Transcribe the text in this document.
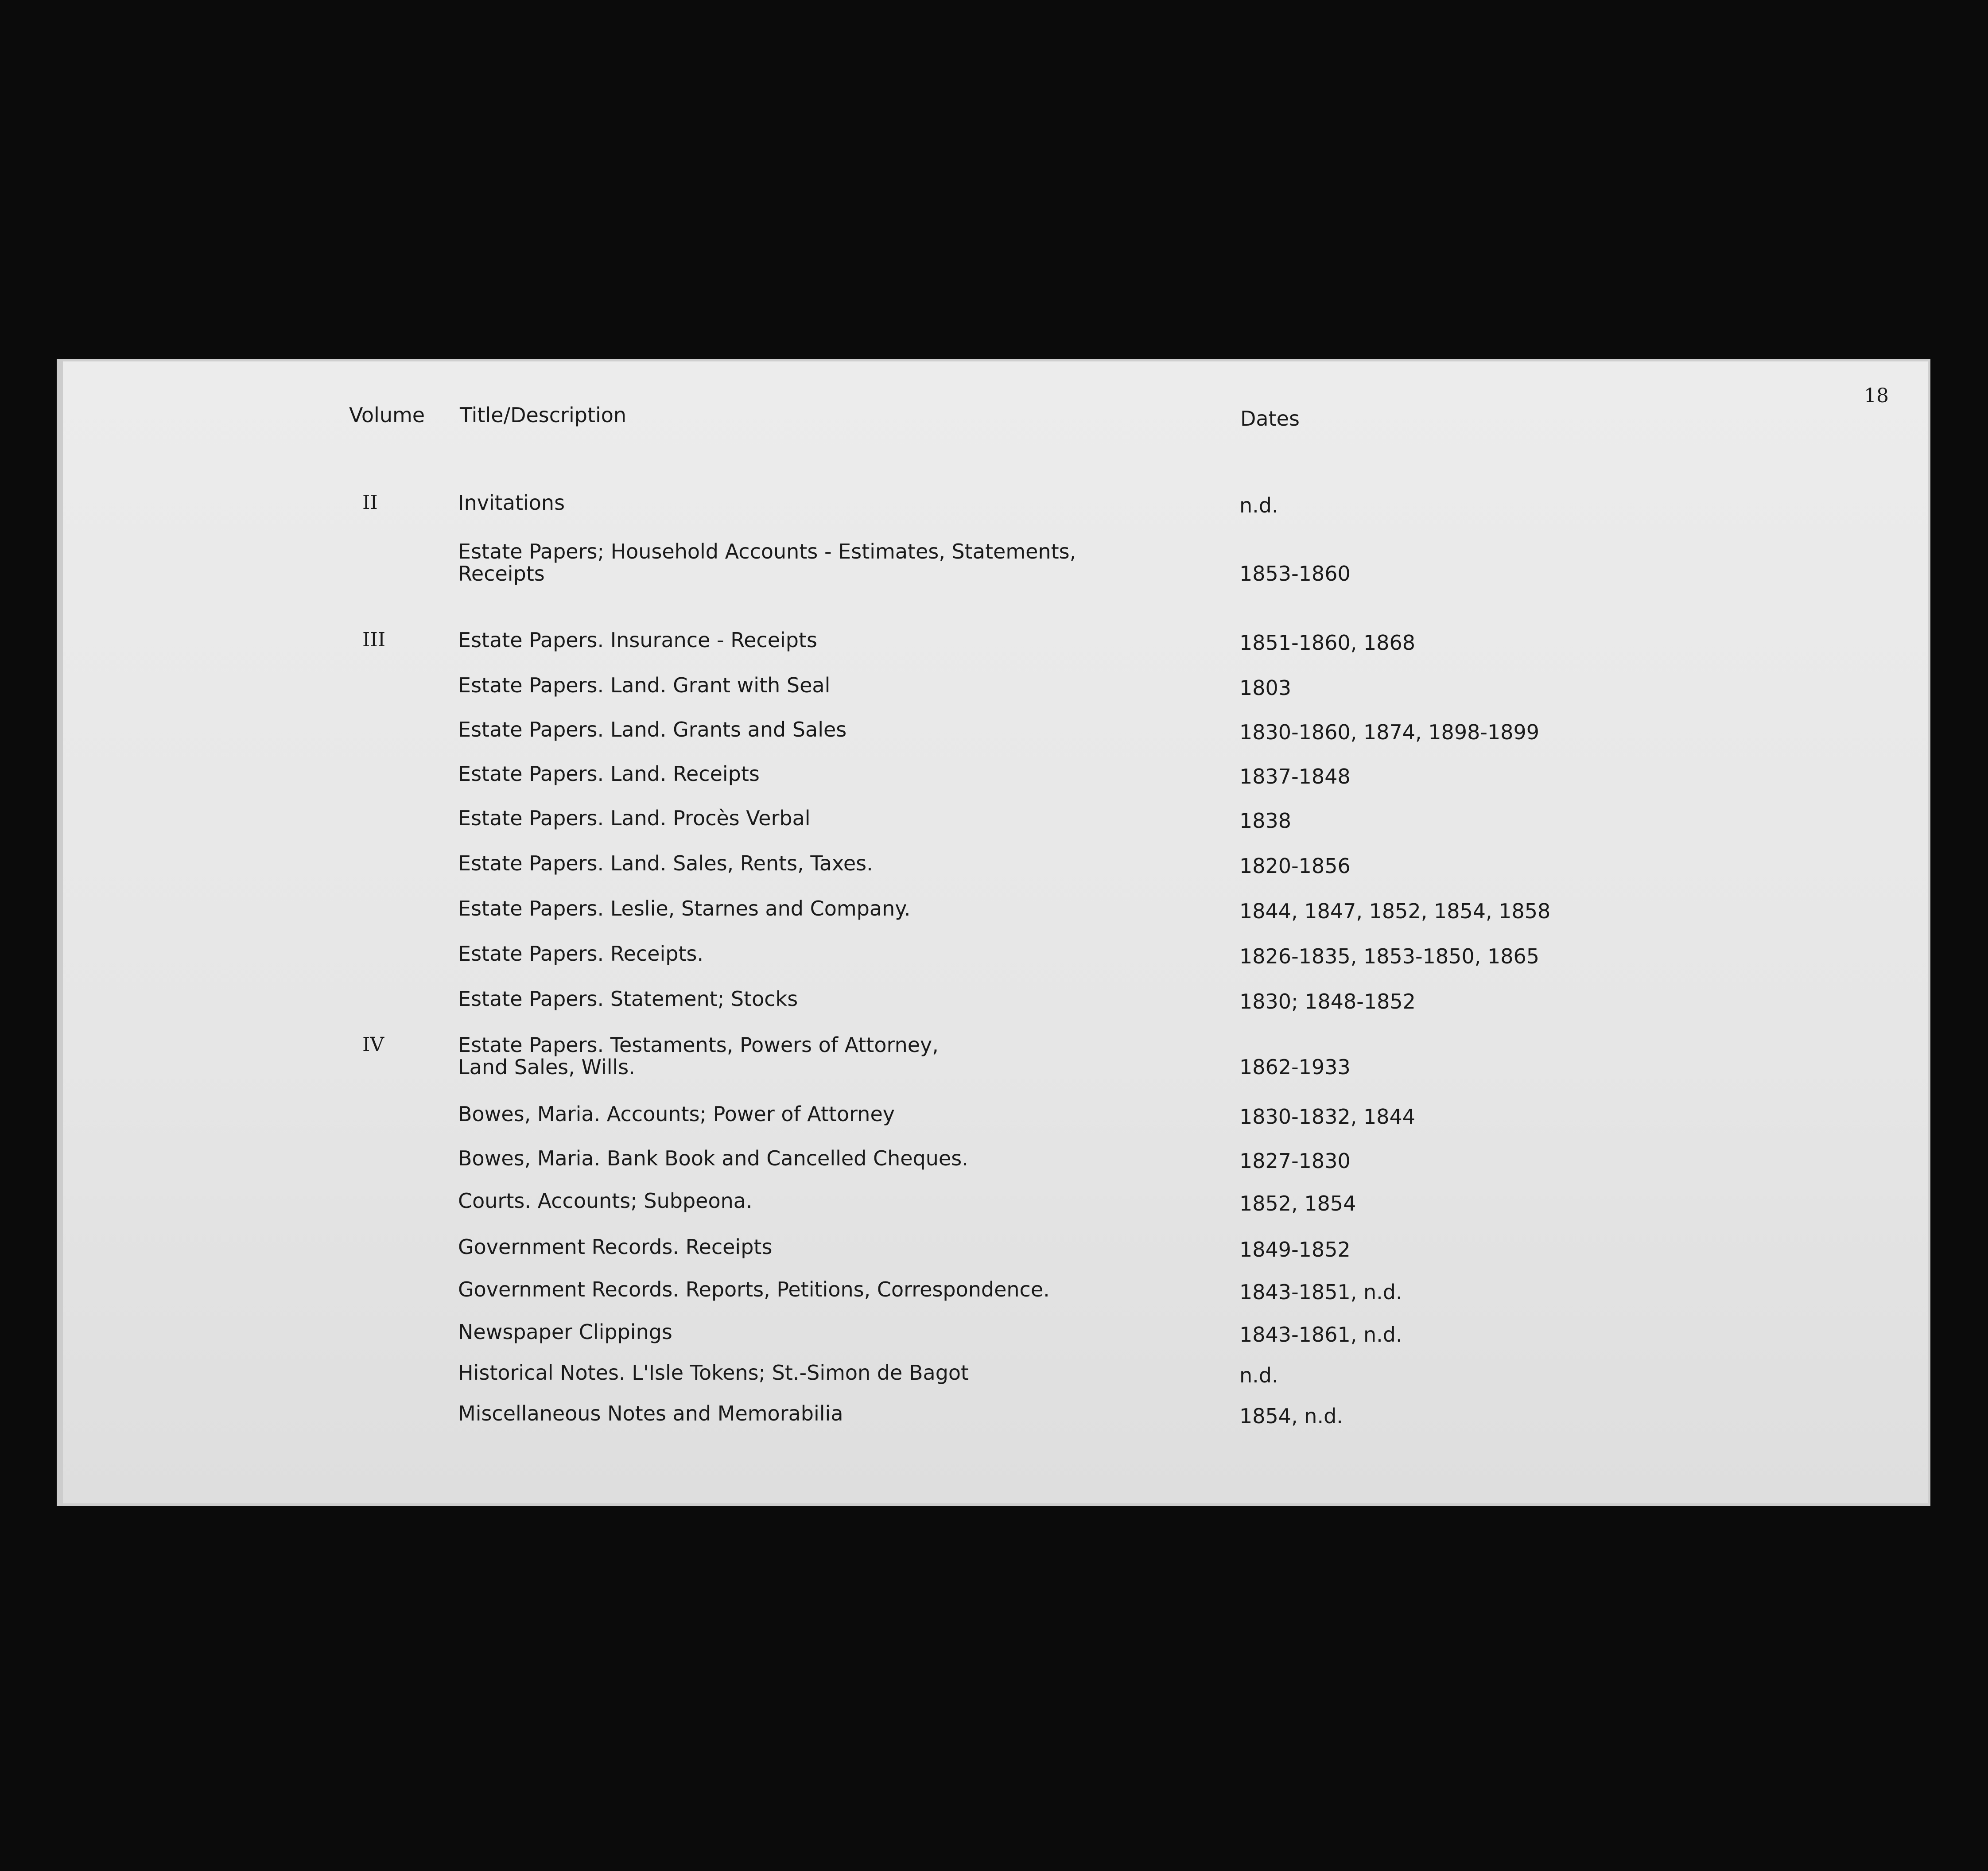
18
Volume Title/Description	Dates
II	Invitations	n.d.
Estate Papers; Household Accounts - Estimates, Statements,
Receipts	1853-1860
III	Estate Papers. Insurance - Receipts	1851-1860, 1868
Estate Papers. Land. Grant with Seal	1803
Estate Papers. Land. Grants and Sales	1830-1860, 1874, 1898-1899
Estate Papers. Land. Receipts	1837-1848
Estate Papers. Land. Procès Verbal	1838
Estate Papers. Land. Sales, Rents, Taxes.	1820-1856
Estate Papers. Leslie, Starnes and Company.	1844, 1847, 1852, 1854, 1858
Estate Papers. Receipts.	1826-1835, 1853-1850, 1865
Estate Papers. Statement; Stocks	1830; 1848-1852
IV	Estate Papers. Testaments, Powers of Attorney,
Land Sales, Wills.	1862-1933
Bowes, Maria. Accounts; Power of Attorney	1830-1832, 1844
Bowes, Maria. Bank Book and Cancelled Cheques.	1827-1830
Courts. Accounts; Subpeona.	1852, 1854
Government Records. Receipts	1849-1852
Government Records. Reports, Petitions, Correspondence.	1843-1851, n.d.
Newspaper Clippings	1843-1861, n.d.
Historical Notes. L'Isle Tokens; St.-Simon de Bagot	n.d.
Miscellaneous Notes and Memorabilia	1854, n.d.
